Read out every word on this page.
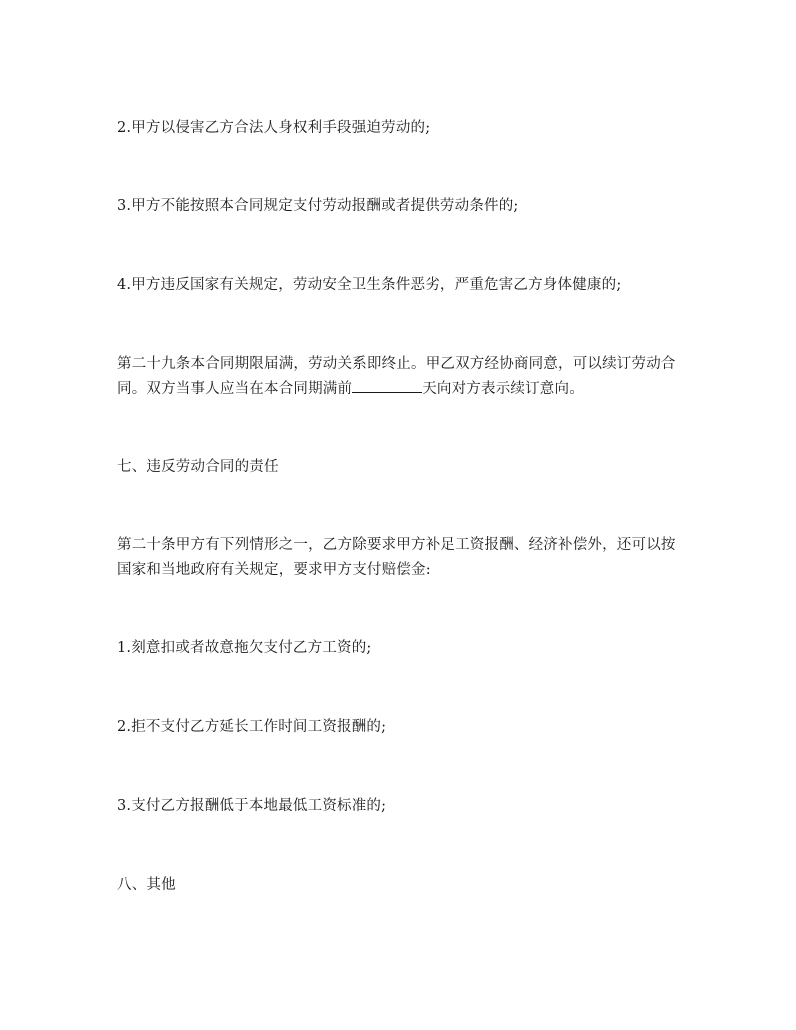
2.甲方以侵害乙方合法人身权利手段强迫劳动的;

3.甲方不能按照本合同规定支付劳动报酬或者提供劳动条件的;

4.甲方违反国家有关规定，劳动安全卫生条件恶劣，严重危害乙方身体健康的;

第二十九条本合同期限届满，劳动关系即终止。甲乙双方经协商同意，可以续订劳动合同。双方当事人应当在本合同期满前	天向对方表示续订意向。

七、违反劳动合同的责任

第二十条甲方有下列情形之一，乙方除要求甲方补足工资报酬、经济补偿外，还可以按国家和当地政府有关规定，要求甲方支付赔偿金:

1.刻意扣或者故意拖欠支付乙方工资的;

2.拒不支付乙方延长工作时间工资报酬的;

3.支付乙方报酬低于本地最低工资标准的;

八、其他
